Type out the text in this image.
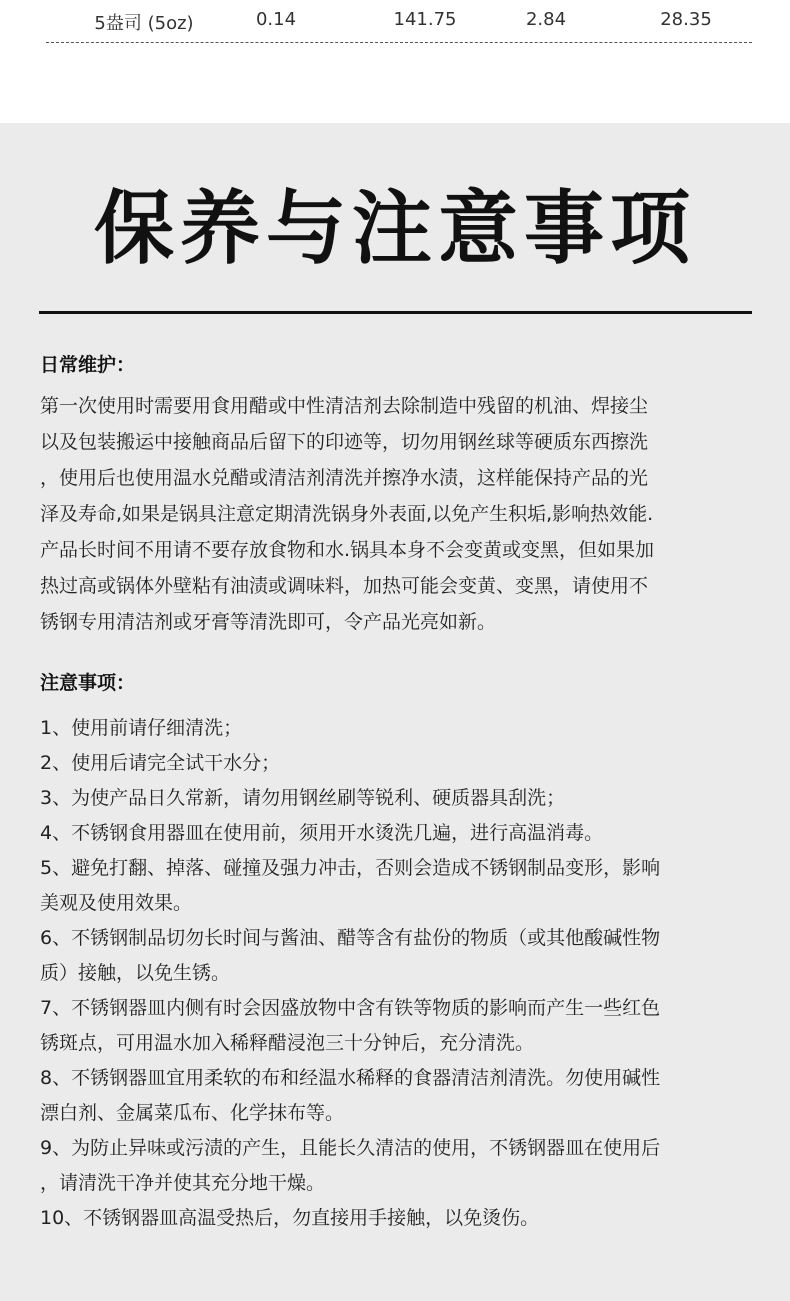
5盎司 (5oz)	0.14	141.75	2.84	28.35
保养与注意事项
日常维护：
第一次使用时需要用食用醋或中性清洁剂去除制造中残留的机油、焊接尘
以及包装搬运中接触商品后留下的印迹等，切勿用钢丝球等硬质东西擦洗
，使用后也使用温水兑醋或清洁剂清洗并擦净水渍，这样能保持产品的光
泽及寿命,如果是锅具注意定期清洗锅身外表面,以免产生积垢,影响热效能.
产品长时间不用请不要存放食物和水.锅具本身不会变黄或变黑，但如果加
热过高或锅体外壁粘有油渍或调味料，加热可能会变黄、变黑，请使用不
锈钢专用清洁剂或牙膏等清洗即可，令产品光亮如新。
注意事项：
1、使用前请仔细清洗；
2、使用后请完全试干水分；
3、为使产品日久常新，请勿用钢丝刷等锐利、硬质器具刮洗；
4、不锈钢食用器皿在使用前，须用开水烫洗几遍，进行高温消毒。
5、避免打翻、掉落、碰撞及强力冲击，否则会造成不锈钢制品变形，影响
美观及使用效果。
6、不锈钢制品切勿长时间与酱油、醋等含有盐份的物质（或其他酸碱性物
质）接触，以免生锈。
7、不锈钢器皿内侧有时会因盛放物中含有铁等物质的影响而产生一些红色
锈斑点，可用温水加入稀释醋浸泡三十分钟后，充分清洗。
8、不锈钢器皿宜用柔软的布和经温水稀释的食器清洁剂清洗。勿使用碱性
漂白剂、金属菜瓜布、化学抹布等。
9、为防止异味或污渍的产生，且能长久清洁的使用，不锈钢器皿在使用后
，请清洗干净并使其充分地干燥。
10、不锈钢器皿高温受热后，勿直接用手接触，以免烫伤。
